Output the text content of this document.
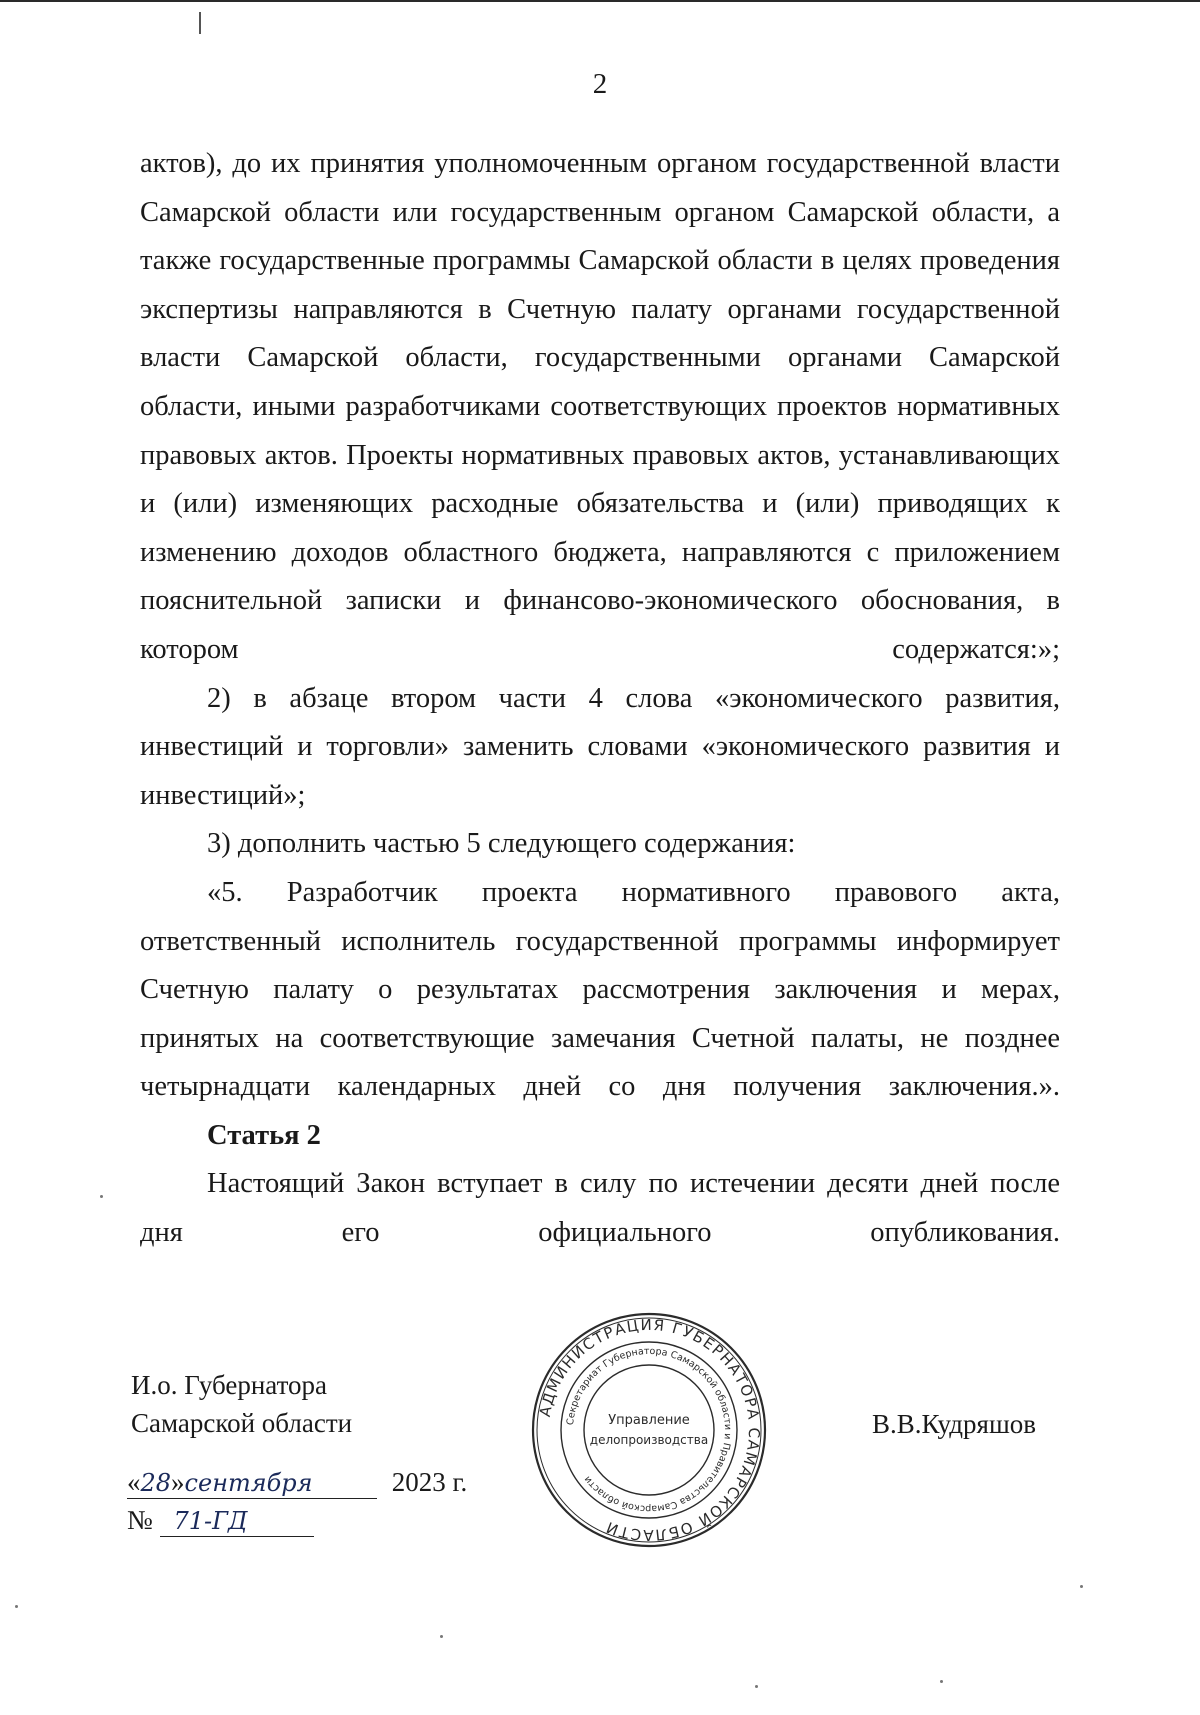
2

актов), до их принятия уполномоченным органом государственной власти Самарской области или государственным органом Самарской области, а также государственные программы Самарской области в целях проведения экспертизы направляются в Счетную палату органами государственной власти Самарской области, государственными органами Самарской области, иными разработчиками соответствующих проектов нормативных правовых актов. Проекты нормативных правовых актов, устанавливающих и (или) изменяющих расходные обязательства и (или) приводящих к изменению доходов областного бюджета, направляются с приложением пояснительной записки и финансово-экономического обоснования, в котором содержатся:»;

2) в абзаце втором части 4 слова «экономического развития, инвестиций и торговли» заменить словами «экономического развития и инвестиций»;

3) дополнить частью 5 следующего содержания:

«5. Разработчик проекта нормативного правового акта, ответственный исполнитель государственной программы информирует Счетную палату о результатах рассмотрения заключения и мерах, принятых на соответствующие замечания Счетной палаты, не позднее четырнадцати календарных дней со дня получения заключения.».

Статья 2

Настоящий Закон вступает в силу по истечении десяти дней после дня его официального опубликования.

И.о. Губернатора
Самарской области	АДМИНИСТРАЦИЯ ГУБЕРНАТОРА САМАРСКОЙ ОБЛАСТИ
Секретариат Губернатора Самарской области и Правительства Самарской области
Управление
делопроизводства
В.В.Кудряшов
«28»сентября	2023 г.
№ 71-ГД
